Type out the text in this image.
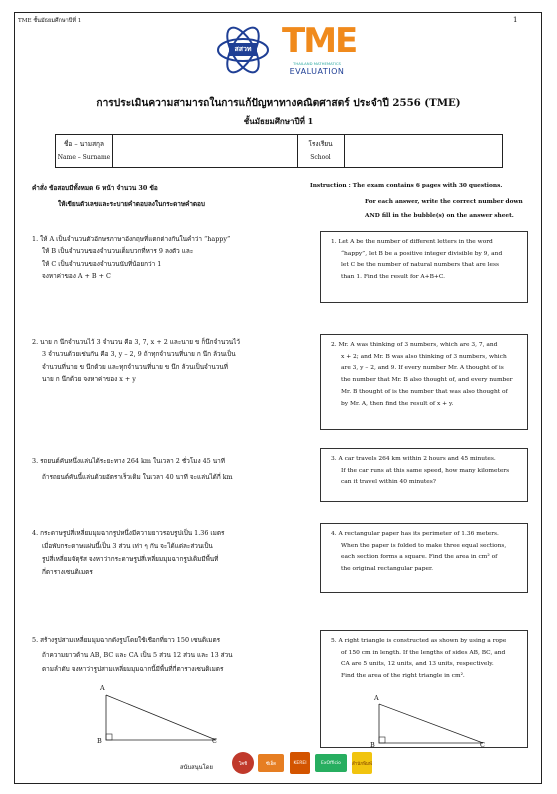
TME ชั้นมัธยมศึกษาปีที่ 1	1
สสวท TME
THAILAND MATHEMATICS
EVALUATION
การประเมินความสามารถในการแก้ปัญหาทางคณิตศาสตร์ ประจำปี 2556 (TME)
ชั้นมัธยมศึกษาปีที่ 1
ชื่อ – นามสกุล
Name – Surname
โรงเรียน
School
คำสั่ง ข้อสอบมีทั้งหมด 6 หน้า จำนวน 30 ข้อ
ให้เขียนตัวเลขและระบายคำตอบลงในกระดาษคำตอบ
Instruction : The exam contains 6 pages with 30 questions.
For each answer, write the correct number down
AND fill in the bubble(s) on the answer sheet.

1. ให้ A เป็นจำนวนตัวอักษรภาษาอังกฤษที่แตกต่างกันในคำว่า “happy”

ให้ B เป็นจำนวนของจำนวนเต็มบวกที่หาร 9 ลงตัว และ

ให้ C เป็นจำนวนของจำนวนนับที่น้อยกว่า 1

จงหาค่าของ A + B + C

1. Let A be the number of different letters in the word

“happy”, let B be a positive integer divisible by 9, and

let C be the number of natural numbers that are less

than 1. Find the result for A+B+C.

2. นาย ก นึกจำนวนไว้ 3 จำนวน คือ 3, 7, x + 2 และนาย ข ก็นึกจำนวนไว้

3 จำนวนด้วยเช่นกัน คือ 3, y – 2, 9 ถ้าทุกจำนวนที่นาย ก นึก ล้วนเป็น

จำนวนที่นาย ข นึกด้วย และทุกจำนวนที่นาย ข นึก ล้วนเป็นจำนวนที่

นาย ก นึกด้วย จงหาค่าของ x + y

2. Mr. A was thinking of 3 numbers, which are 3, 7, and

x + 2; and Mr. B was also thinking of 3 numbers, which

are 3, y – 2, and 9. If every number Mr. A thought of is

the number that Mr. B also thought of, and every number

Mr. B thought of is the number that was also thought of

by Mr. A, then find the result of x + y.

3. รถยนต์คันหนึ่งแล่นได้ระยะทาง 264 km ในเวลา 2 ชั่วโมง 45 นาที

ถ้ารถยนต์คันนี้แล่นด้วยอัตราเร็วเดิม ในเวลา 40 นาที จะแล่นได้กี่ km

3. A car travels 264 km within 2 hours and 45 minutes.

If the car runs at this same speed, how many kilometers

can it travel within 40 minutes?

4. กระดาษรูปสี่เหลี่ยมมุมฉากรูปหนึ่งมีความยาวรอบรูปเป็น 1.36 เมตร

เมื่อพับกระดาษแผ่นนี้เป็น 3 ส่วน เท่า ๆ กัน จะได้แต่ละส่วนเป็น

รูปสี่เหลี่ยมจัตุรัส จงหาว่ากระดาษรูปสี่เหลี่ยมมุมฉากรูปเดิมมีพื้นที่

กี่ตารางเซนติเมตร

4. A rectangular paper has its perimeter of 1.36 meters.

When the paper is folded to make three equal sections,

each section forms a square. Find the area in cm² of

the original rectangular paper.

5. สร้างรูปสามเหลี่ยมมุมฉากดังรูปโดยใช้เชือกที่ยาว 150 เซนติเมตร

ถ้าความยาวด้าน AB, BC และ CA เป็น 5 ส่วน 12 ส่วน และ 13 ส่วน

ตามลำดับ จงหาว่ารูปสามเหลี่ยมมุมฉากนี้มีพื้นที่กี่ตารางเซนติเมตร

5. A right triangle is constructed as shown by using a rope

of 150 cm in length. If the lengths of sides AB, BC, and

CA are 5 units, 12 units, and 13 units, respectively.

Find the area of the right triangle in cm².

A
B	C
A
B	C
สนับสนุนโดย
โคชิ	ซีเอ็ด	KEREI	ExOfficio	สำนักพิมพ์
